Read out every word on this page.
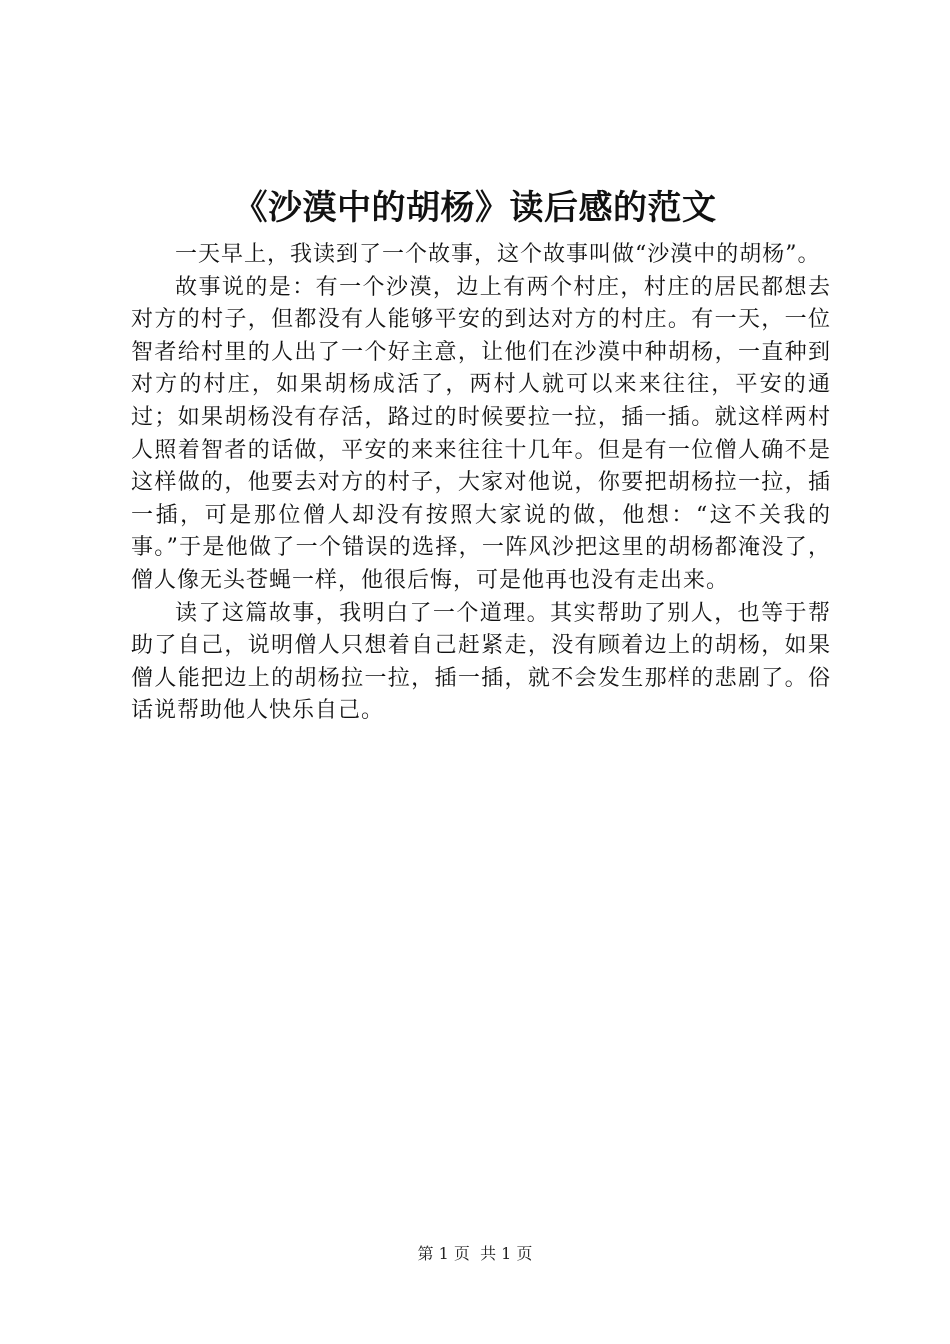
《沙漠中的胡杨》读后感的范文

一天早上，我读到了一个故事，这个故事叫做“沙漠中的胡杨”。

故事说的是：有一个沙漠，边上有两个村庄，村庄的居民都想去对方的村子，但都没有人能够平安的到达对方的村庄。有一天，一位智者给村里的人出了一个好主意，让他们在沙漠中种胡杨，一直种到对方的村庄，如果胡杨成活了，两村人就可以来来往往，平安的通过；如果胡杨没有存活，路过的时候要拉一拉，插一插。就这样两村人照着智者的话做，平安的来来往往十几年。但是有一位僧人确不是这样做的，他要去对方的村子，大家对他说，你要把胡杨拉一拉，插一插，可是那位僧人却没有按照大家说的做，他想：“这不关我的事。”于是他做了一个错误的选择，一阵风沙把这里的胡杨都淹没了，僧人像无头苍蝇一样，他很后悔，可是他再也没有走出来。

读了这篇故事，我明白了一个道理。其实帮助了别人，也等于帮助了自己，说明僧人只想着自己赶紧走，没有顾着边上的胡杨，如果僧人能把边上的胡杨拉一拉，插一插，就不会发生那样的悲剧了。俗话说帮助他人快乐自己。

第 1 页  共 1 页
